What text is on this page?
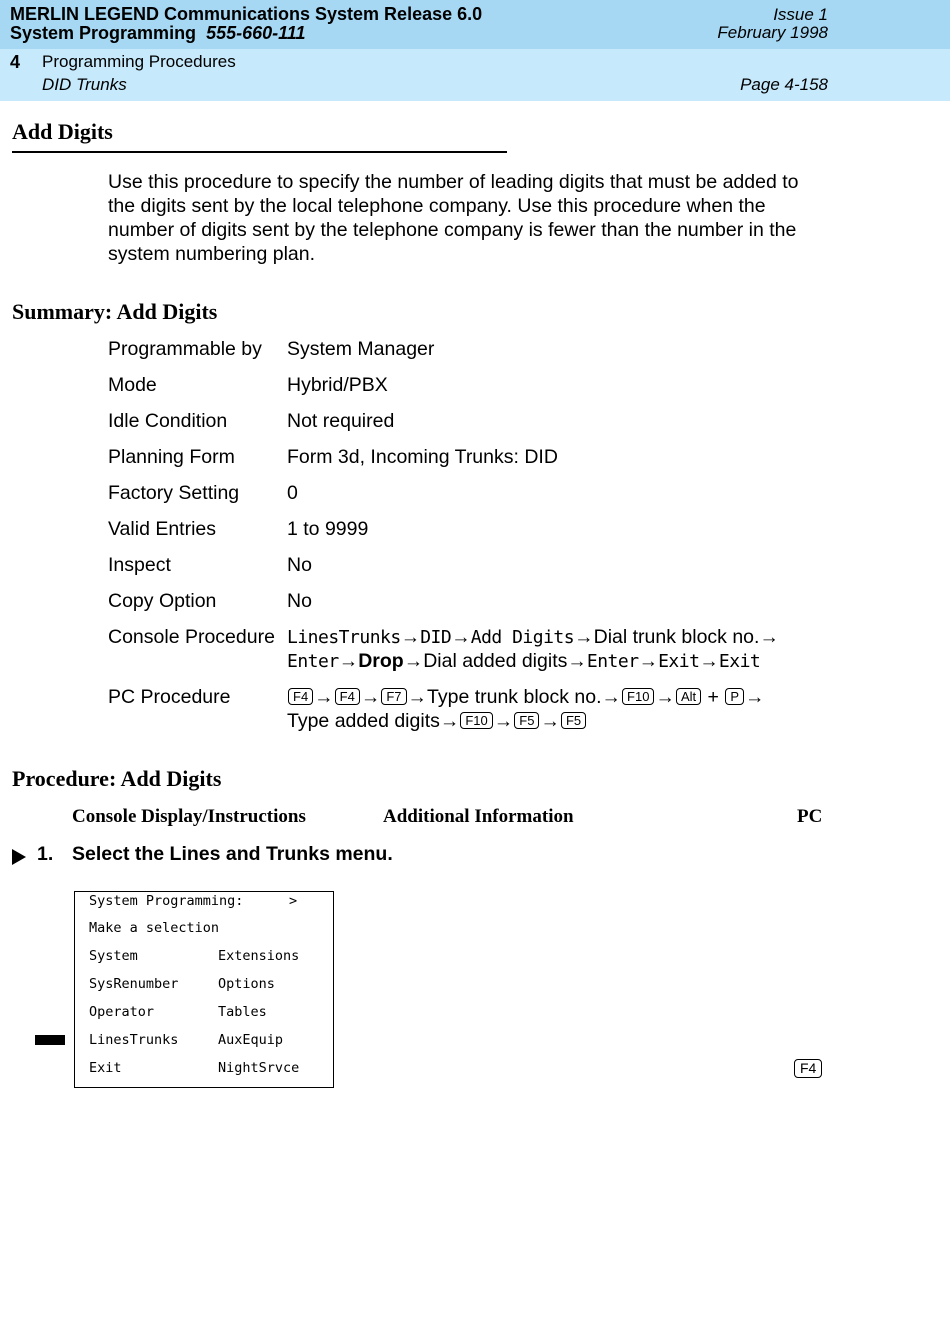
MERLIN LEGEND Communications System Release 6.0
System Programming 555-660-111
Issue 1
February 1998
4 Programming Procedures
DID Trunks	Page 4-158
Add Digits
Use this procedure to specify the number of leading digits that must be added to the digits sent by the local telephone company. Use this procedure when the number of digits sent by the telephone company is fewer than the number in the system numbering plan.
Summary: Add Digits
Programmable by System Manager
Mode	Hybrid/PBX
Idle Condition	Not required
Planning Form	Form 3d, Incoming Trunks: DID
Factory Setting 0
Valid Entries	1 to 9999
Inspect	No
Copy Option	No
Console Procedure LinesTrunks→DID→Add Digits→Dial trunk block no.→
Enter→Drop→Dial added digits→Enter→Exit→Exit
PC Procedure	F4 → F4 → F7 →Type trunk block no.→ F10 → Alt + P →
Type added digits→ F10 → F5 → F5
Procedure: Add Digits
Console Display/Instructions	Additional Information	PC
1. Select the Lines and Trunks menu.
System Programming:	>
Make a selection
System	Extensions
SysRenumber	Options
Operator	Tables
LinesTrunks	AuxEquip
Exit	NightSrvce	F4
